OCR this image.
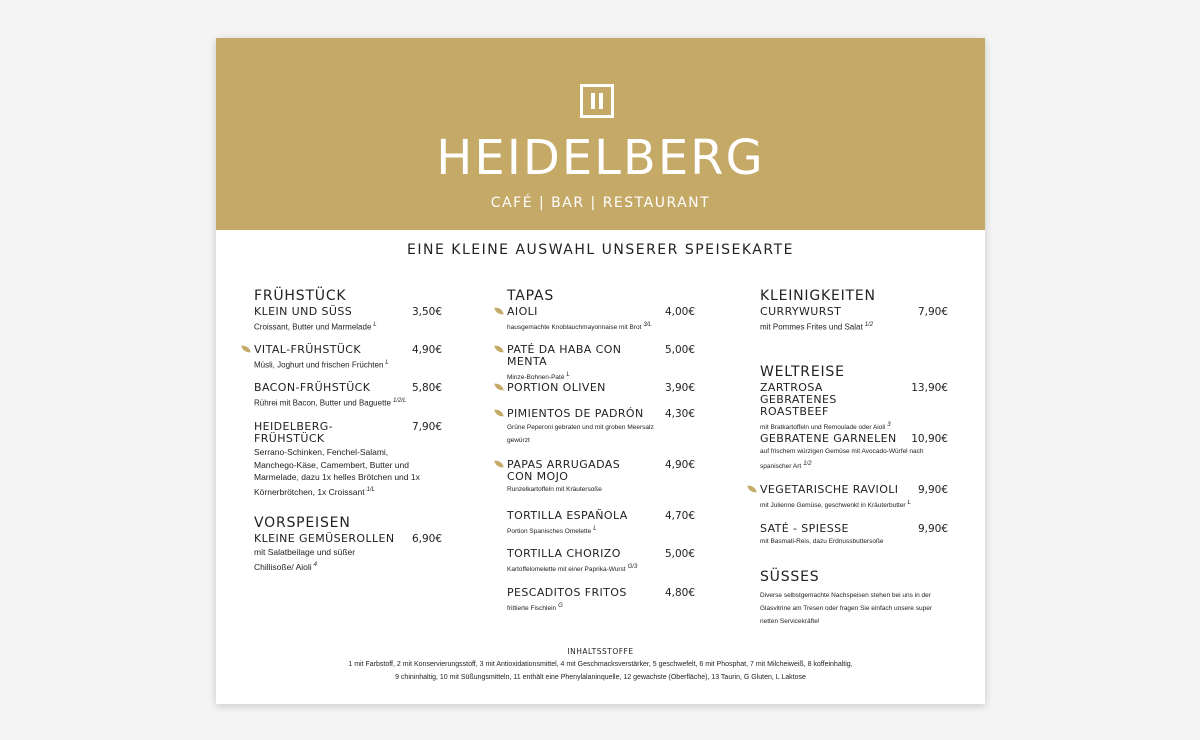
HEIDELBERG
CAFÉ | BAR | RESTAURANT
EINE KLEINE AUSWAHL UNSERER SPEISEKARTE
FRÜHSTÜCK
KLEIN UND SÜSS	3,50€
Croissant, Butter und Marmelade $^L$
VITAL-FRÜHSTÜCK	4,90€
Müsli, Joghurt und frischen Früchten $^L$
BACON-FRÜHSTÜCK	5,80€
Rührei mit Bacon, Butter und Baguette $^{1/2/L}$
HEIDELBERG-FRÜHSTÜCK
7,90€
Serrano-Schinken, Fenchel-Salami, Manchego-Käse, Camembert, Butter und Marmelade, dazu 1x helles Brötchen und 1x Körnerbrötchen, 1x Croissant $^{1/L}$
VORSPEISEN
KLEINE GEMÜSEROLLEN	6,90€
mit Salatbeilage und süßer Chillisoße/ Aioli $^4$
TAPAS
AIOLI	4,00€
hausgemachte Knoblauchmayonnaise mit Brot 3/L
PATÉ DA HABA CON MENTA
5,00€
Minze-Bohnen-Paté L
PORTION OLIVEN	3,90€
PIMIENTOS DE PADRÓN	4,30€
Grüne Peperoni gebraten und mit groben Meersalz gewürzt
PAPAS ARRUGADAS CON MOJO
4,90€
Runzelkartoffeln mit Kräutersoße
TORTILLA ESPAÑOLA	4,70€
Portion Spanisches Omelette L
TORTILLA CHORIZO	5,00€
Kartoffelomelette mit einer Paprika-Wurst G/3
PESCADITOS FRITOS	4,80€
frittierte Fischlein G
KLEINIGKEITEN
CURRYWURST	7,90€
mit Pommes Frites und Salat $^{1/2}$
WELTREISE
ZARTROSA GEBRATENES ROASTBEEF
13,90€
mit Bratkartoffeln und Remoulade oder Aioli 3
GEBRATENE GARNELEN	10,90€
auf frischem würzigen Gemüse mit Avocado-Würfel nach spanischer Art 1/2
VEGETARISCHE RAVIOLI 9,90€
mit Julienne Gemüse, geschwenkt in Kräuterbutter L
SATÉ - SPIESSE	9,90€
mit Basmati-Reis, dazu Erdnussbuttersoße
SÜSSES
Diverse selbstgemachte Nachspeisen stehen bei uns in der Glasvitrine am Tresen oder fragen Sie einfach unsere super netten Servicekräfte!
INHALTSSTOFFE
1 mit Farbstoff, 2 mit Konservierungsstoff, 3 mit Antioxidationsmittel, 4 mit Geschmacksverstärker, 5 geschwefelt, 6 mit Phosphat, 7 mit Milcheiweiß, 8 koffeinhaltig,
9 chininhaltig, 10 mit Süßungsmitteln, 11 enthält eine Phenylalaninquelle, 12 gewachste (Oberfläche), 13 Taurin, G Gluten, L Laktose
